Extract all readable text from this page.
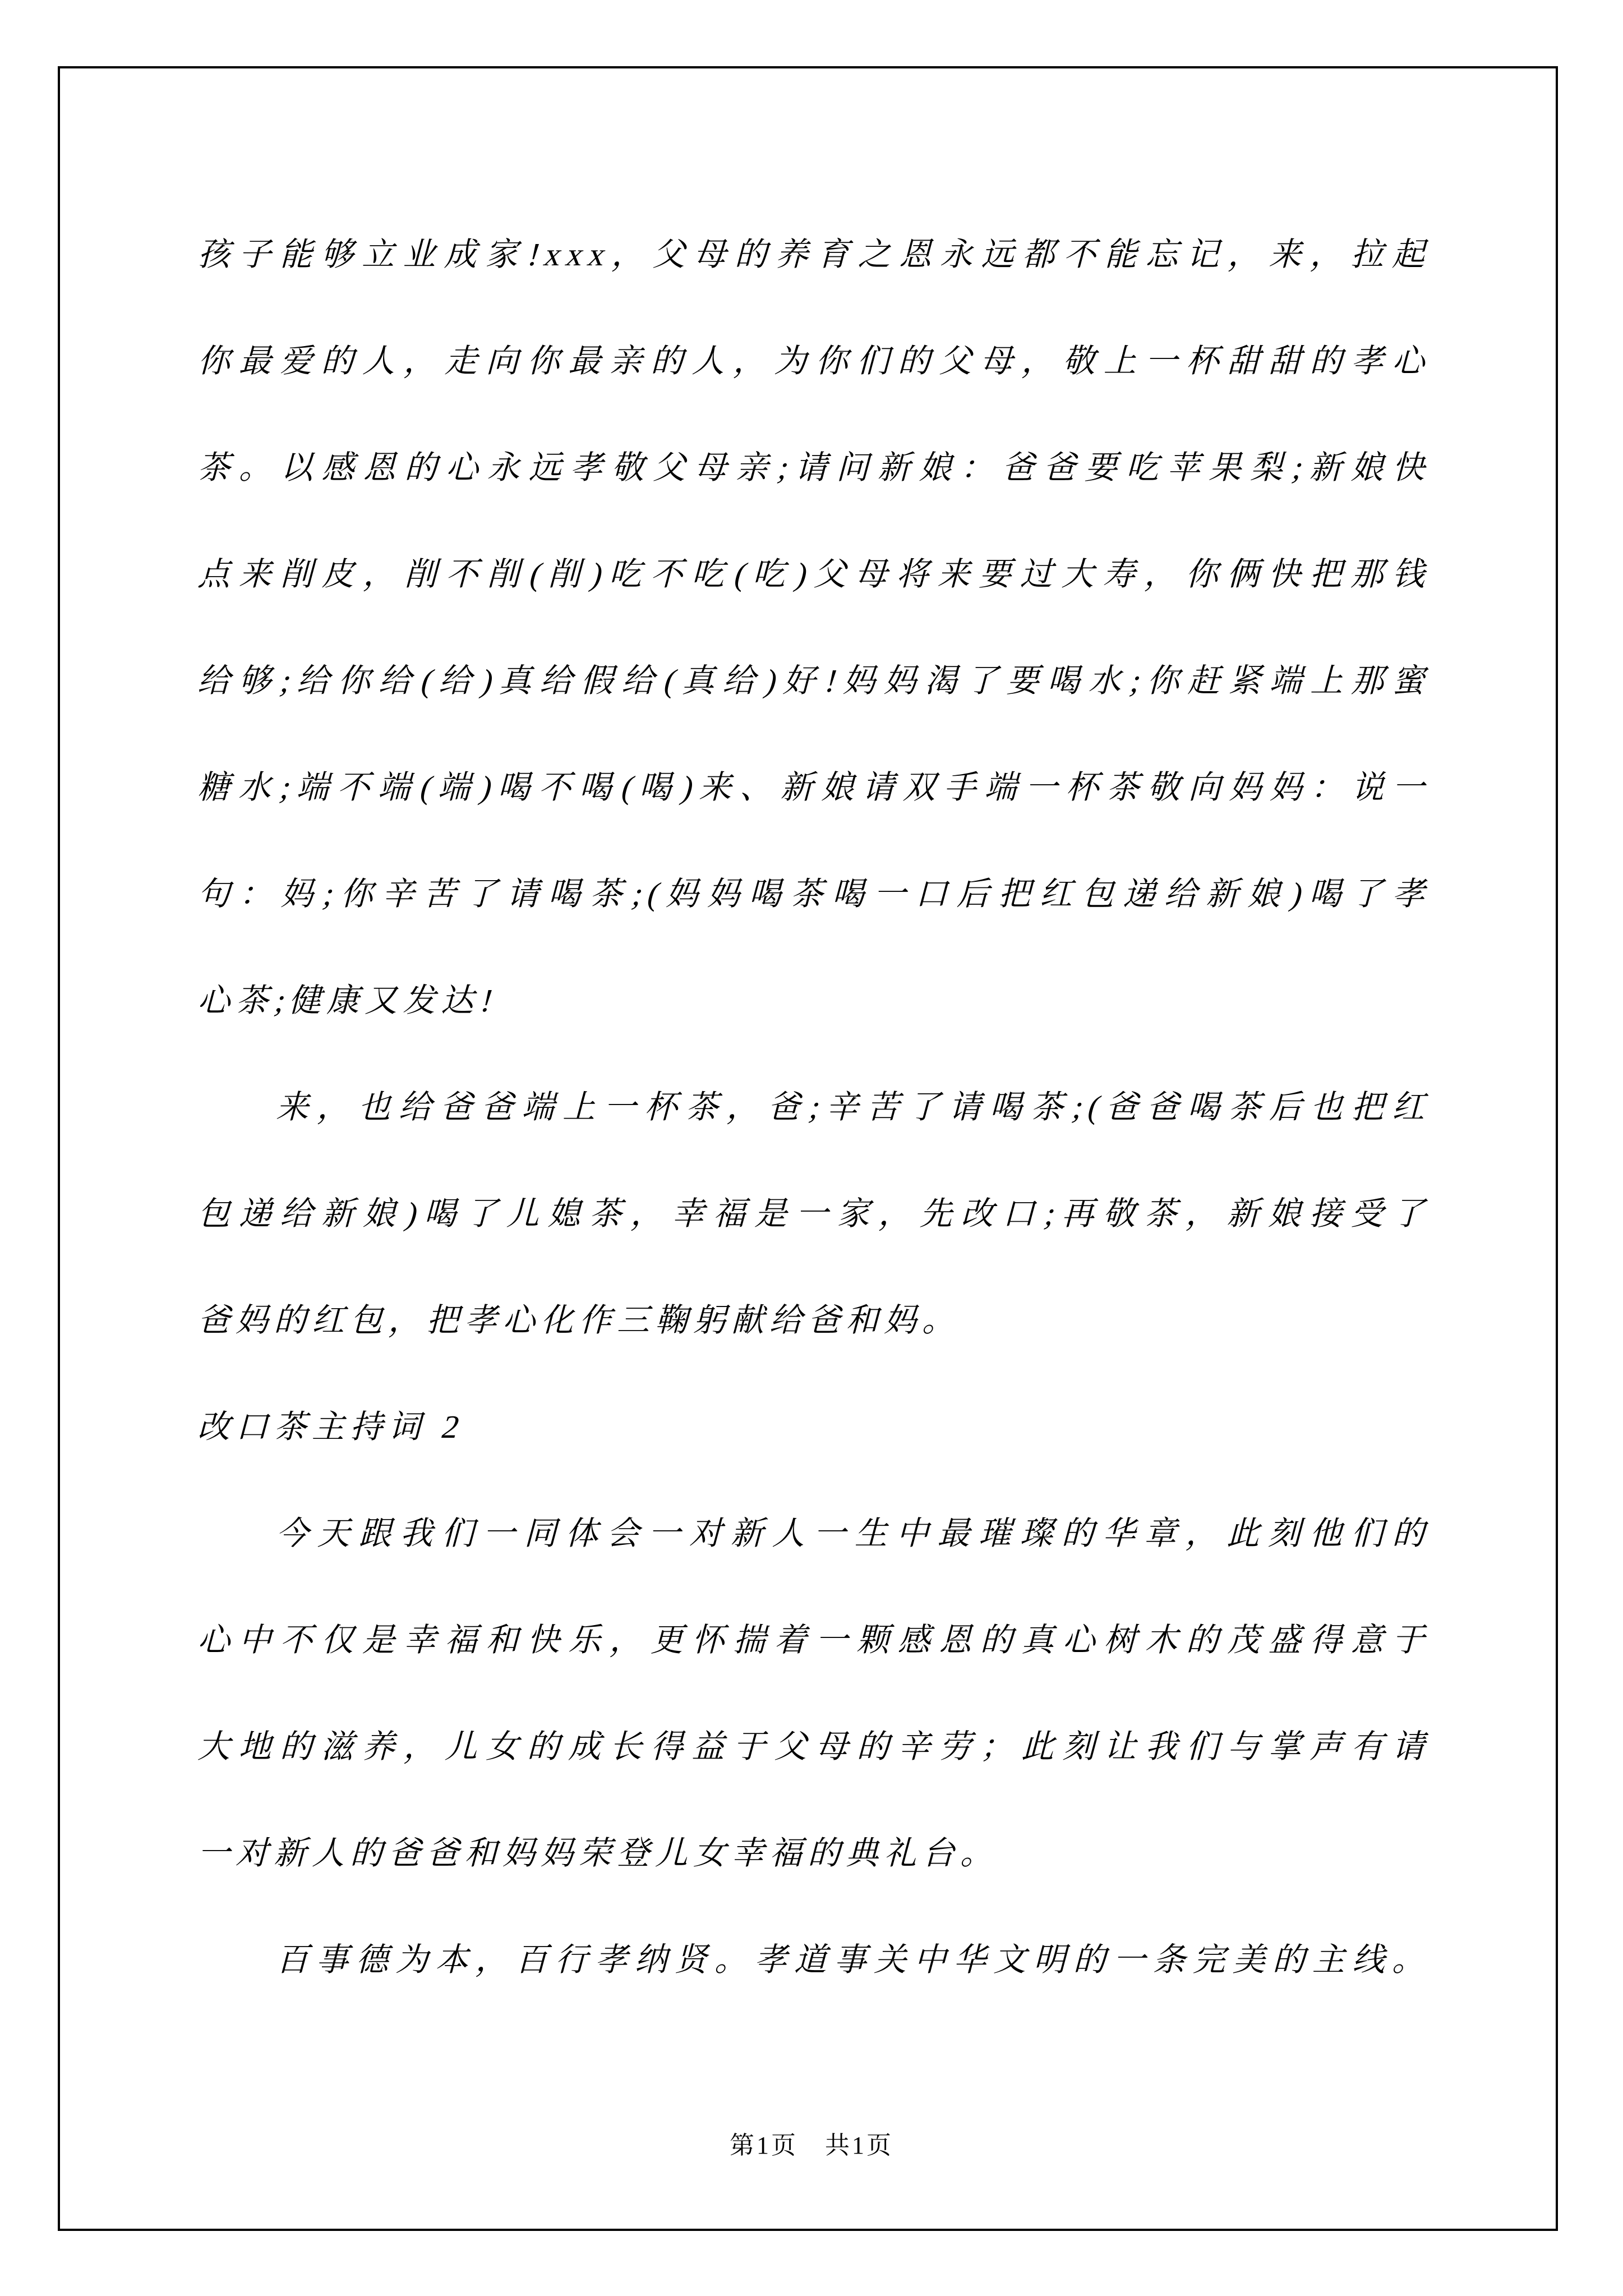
孩子能够立业成家!xxx，父母的养育之恩永远都不能忘记，来，拉起
你最爱的人，走向你最亲的人，为你们的父母，敬上一杯甜甜的孝心
茶。以感恩的心永远孝敬父母亲;请问新娘：爸爸要吃苹果梨;新娘快
点来削皮，削不削(削)吃不吃(吃)父母将来要过大寿，你俩快把那钱
给够;给你给(给)真给假给(真给)好!妈妈渴了要喝水;你赶紧端上那蜜
糖水;端不端(端)喝不喝(喝)来、新娘请双手端一杯茶敬向妈妈：说一
句：妈;你辛苦了请喝茶;(妈妈喝茶喝一口后把红包递给新娘)喝了孝
心茶;健康又发达!
来，也给爸爸端上一杯茶，爸;辛苦了请喝茶;(爸爸喝茶后也把红
包递给新娘)喝了儿媳茶，幸福是一家，先改口;再敬茶，新娘接受了
爸妈的红包，把孝心化作三鞠躬献给爸和妈。
改口茶主持词 2
今天跟我们一同体会一对新人一生中最璀璨的华章，此刻他们的
心中不仅是幸福和快乐，更怀揣着一颗感恩的真心树木的茂盛得意于
大地的滋养，儿女的成长得益于父母的辛劳；此刻让我们与掌声有请
一对新人的爸爸和妈妈荣登儿女幸福的典礼台。
百事德为本，百行孝纳贤。孝道事关中华文明的一条完美的主线。
第1页　共1页
